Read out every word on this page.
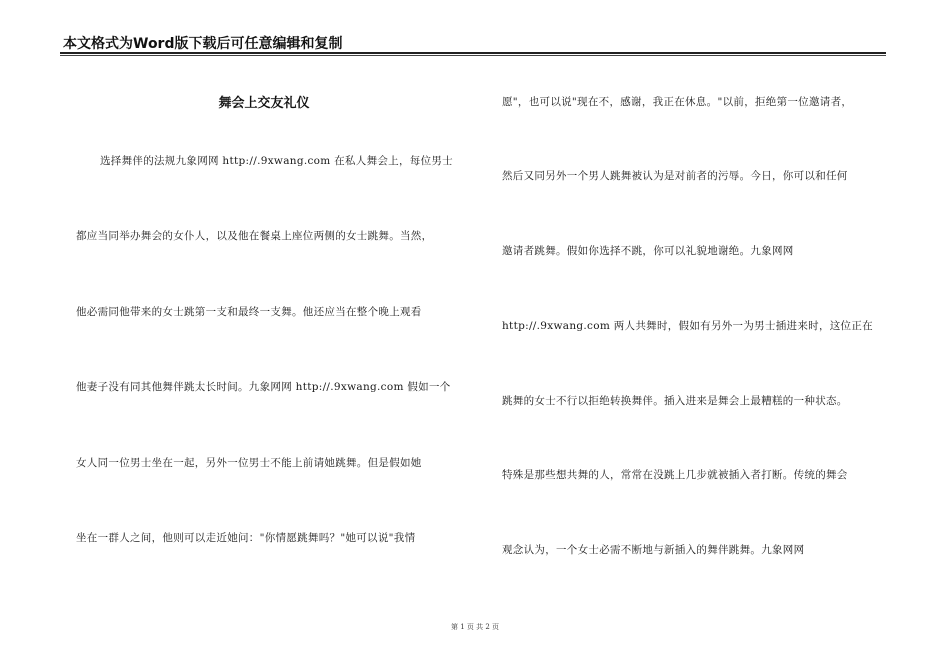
本文格式为Word版下载后可任意编辑和复制
舞会上交友礼仪
选择舞伴的法规九象网网 http://.9xwang.com 在私人舞会上，每位男士
都应当同举办舞会的女仆人，以及他在餐桌上座位两侧的女士跳舞。当然，
他必需同他带来的女士跳第一支和最终一支舞。他还应当在整个晚上观看
他妻子没有同其他舞伴跳太长时间。九象网网 http://.9xwang.com 假如一个
女人同一位男士坐在一起，另外一位男士不能上前请她跳舞。但是假如她
坐在一群人之间，他则可以走近她问："你情愿跳舞吗？"她可以说"我情
愿"，也可以说"现在不，感谢，我正在休息。"以前，拒绝第一位邀请者，
然后又同另外一个男人跳舞被认为是对前者的污辱。今日，你可以和任何
邀请者跳舞。假如你选择不跳，你可以礼貌地谢绝。九象网网
http://.9xwang.com 两人共舞时，假如有另外一为男士插进来时，这位正在
跳舞的女士不行以拒绝转换舞伴。插入进来是舞会上最糟糕的一种状态。
特殊是那些想共舞的人，常常在没跳上几步就被插入者打断。传统的舞会
观念认为，一个女士必需不断地与新插入的舞伴跳舞。九象网网
第 1 页 共 2 页
